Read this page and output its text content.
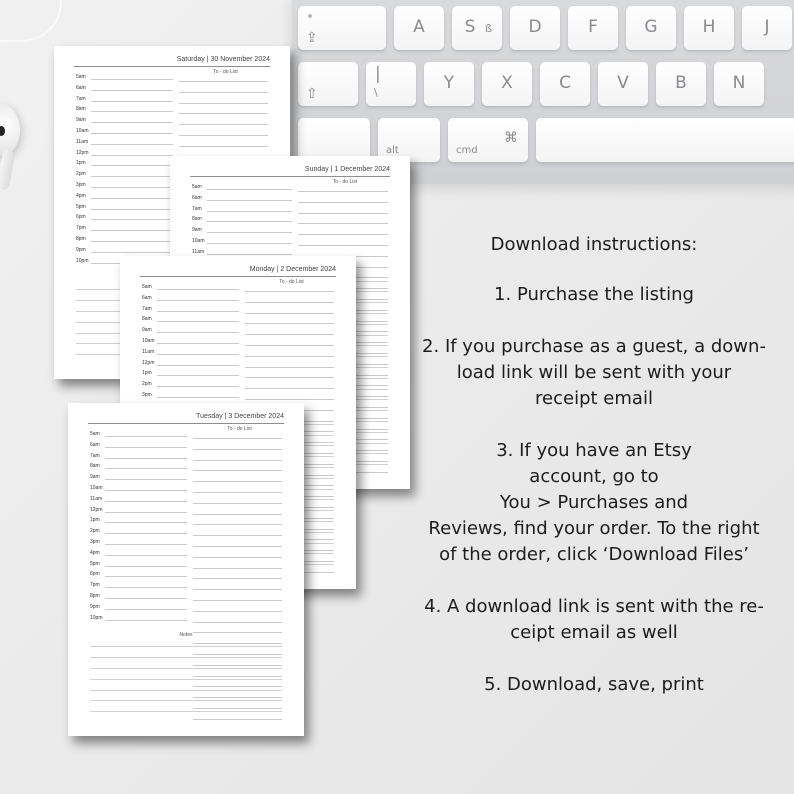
⇪
A	S ß	D	F	G	H	J
⇧
|
\	Y	X	C	V	B	N
alt	cmd
⌘
Saturday | 30 November 2024
To - do List
5am
6am
7am
8am
9am
10am
11am
12pm
1pm
2pm
3pm
4pm
5pm
6pm
7pm
8pm
9pm
10pm
Sunday | 1 December 2024
To - do List
5am
6am
7am
8am
9am
10am
11am
Monday | 2 December 2024
To - do List
5am
6am
7am
8am
9am
10am
11am
12pm
1pm
2pm
3pm
Tuesday | 3 December 2024
To - do List
5am
6am
7am
8am
9am
10am
11am
12pm
1pm
2pm
3pm
4pm
5pm
6pm
7pm
8pm
9pm
10pm
Notes
Download instructions:
1. Purchase the listing
2. If you purchase as a guest, a down-
load link will be sent with your
receipt email
3. If you have an Etsy
account, go to
You > Purchases and
Reviews, find your order. To the right
of the order, click ‘Download Files’
4. A download link is sent with the re-
ceipt email as well
5. Download, save, print
